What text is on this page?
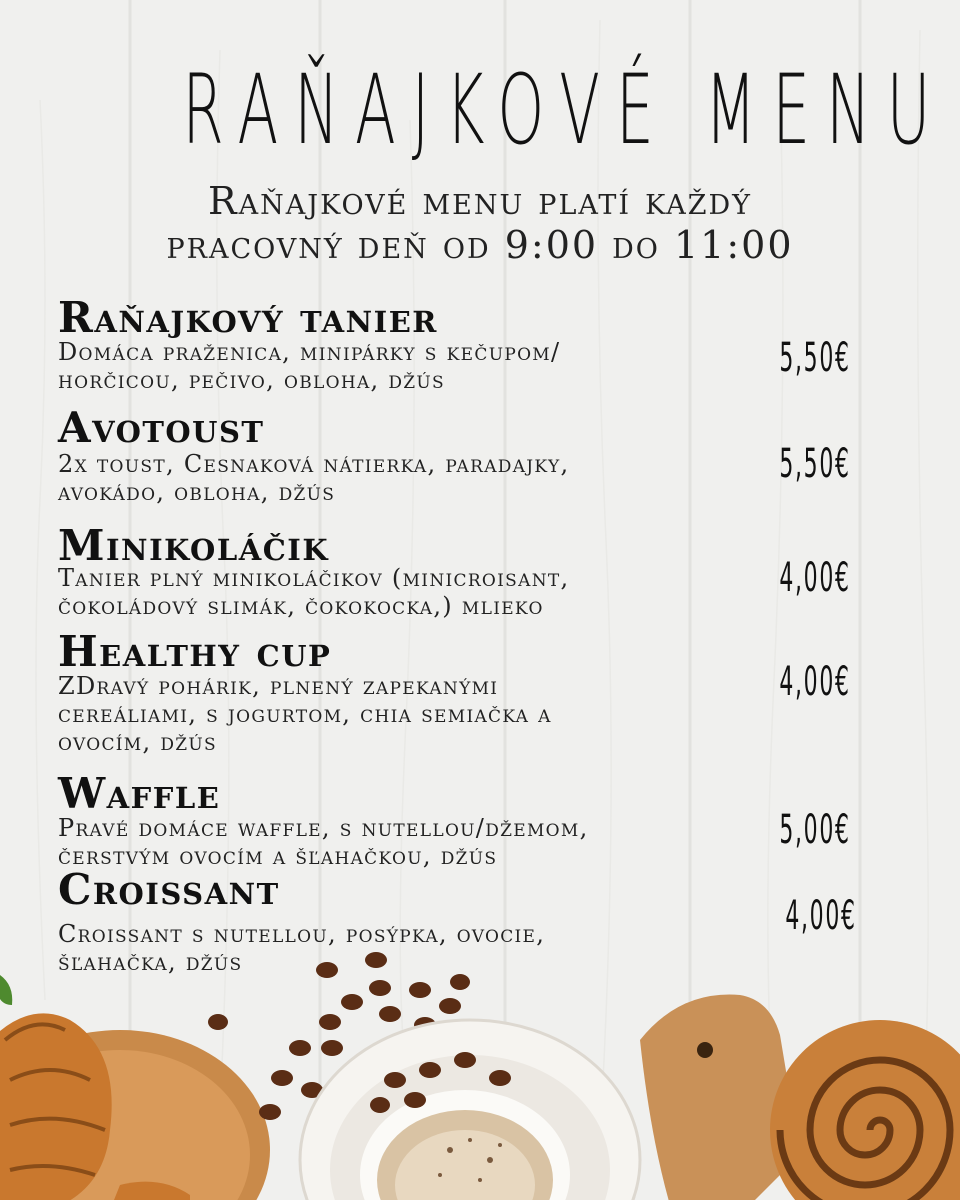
RAŇAJKOVÉ MENU
Raňajkové menu platí každý
pracovný deň od 9:00 do 11:00
Raňajkový tanier
Domáca praženica, minipárky s kečupom/
horčicou, pečivo, obloha, džús	5,50€
Avotoust
2x toust, Cesnaková nátierka, paradajky,
avokádo, obloha, džús
5,50€
Minikoláčik
Tanier plný minikoláčikov (minicroisant,
čokoládový slimák, čokokocka,) mlieko
4,00€
Healthy cup
ZDravý pohárik, plnený zapekanými
cereáliami, s jogurtom, chia semiačka a
ovocím, džús
4,00€
Waffle
Pravé domáce waffle, s nutellou/džemom,
čerstvým ovocím a šľahačkou, džús
5,00€
Croissant
Croissant s nutellou, posýpka, ovocie,
šľahačka, džús
4,00€
